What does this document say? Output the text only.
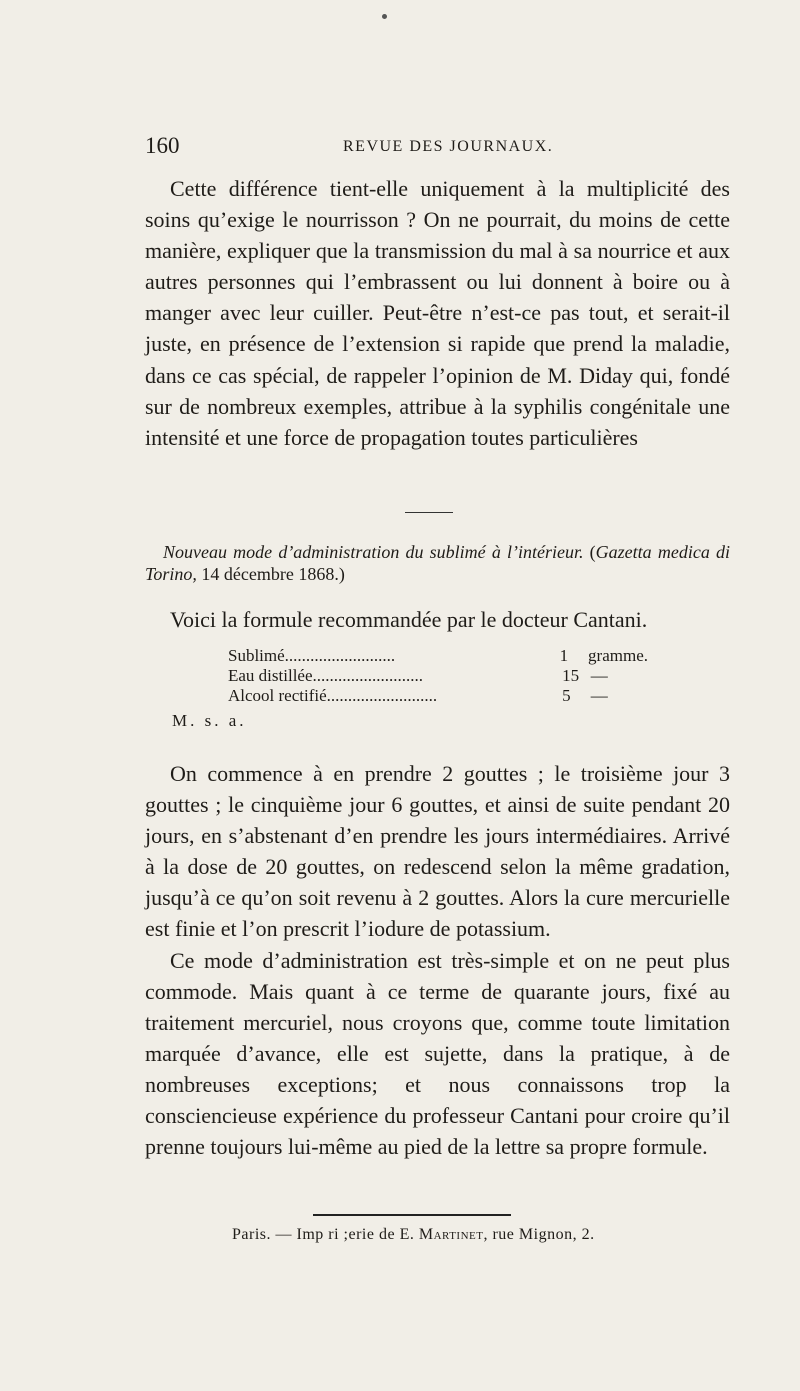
160	REVUE DES JOURNAUX.

Cette différence tient-elle uniquement à la multiplicité des soins qu’exige le nourrisson ? On ne pourrait, du moins de cette manière, expliquer que la transmission du mal à sa nourrice et aux autres personnes qui l’embrassent ou lui donnent à boire ou à manger avec leur cuiller. Peut-être n’est-ce pas tout, et serait-il juste, en présence de l’extension si rapide que prend la maladie, dans ce cas spécial, de rappeler l’opinion de M. Diday qui, fondé sur de nombreux exemples, attribue à la syphilis congénitale une intensité et une force de propagation toutes particulières

Nouveau mode d’administration du sublimé à l’intérieur. (Gazetta medica di Torino, 14 décembre 1868.)

Voici la formule recommandée par le docteur Cantani.

Sublimé..........................	1	gramme.
Eau distillée..........................	15 —
Alcool rectifié..........................	5	—
M. s. a.

On commence à en prendre 2 gouttes ; le troisième jour 3 gouttes ; le cinquième jour 6 gouttes, et ainsi de suite pendant 20 jours, en s’abstenant d’en prendre les jours intermédiaires. Arrivé à la dose de 20 gouttes, on redescend selon la même gradation, jusqu’à ce qu’on soit revenu à 2 gouttes. Alors la cure mercurielle est finie et l’on prescrit l’iodure de potassium.

Ce mode d’administration est très-simple et on ne peut plus commode. Mais quant à ce terme de quarante jours, fixé au traitement mercuriel, nous croyons que, comme toute limitation marquée d’avance, elle est sujette, dans la pratique, à de nombreuses exceptions; et nous connaissons trop la consciencieuse expérience du professeur Cantani pour croire qu’il prenne toujours lui-même au pied de la lettre sa propre formule.

Paris. — Imp ri ;erie de E. Martinet, rue Mignon, 2.
